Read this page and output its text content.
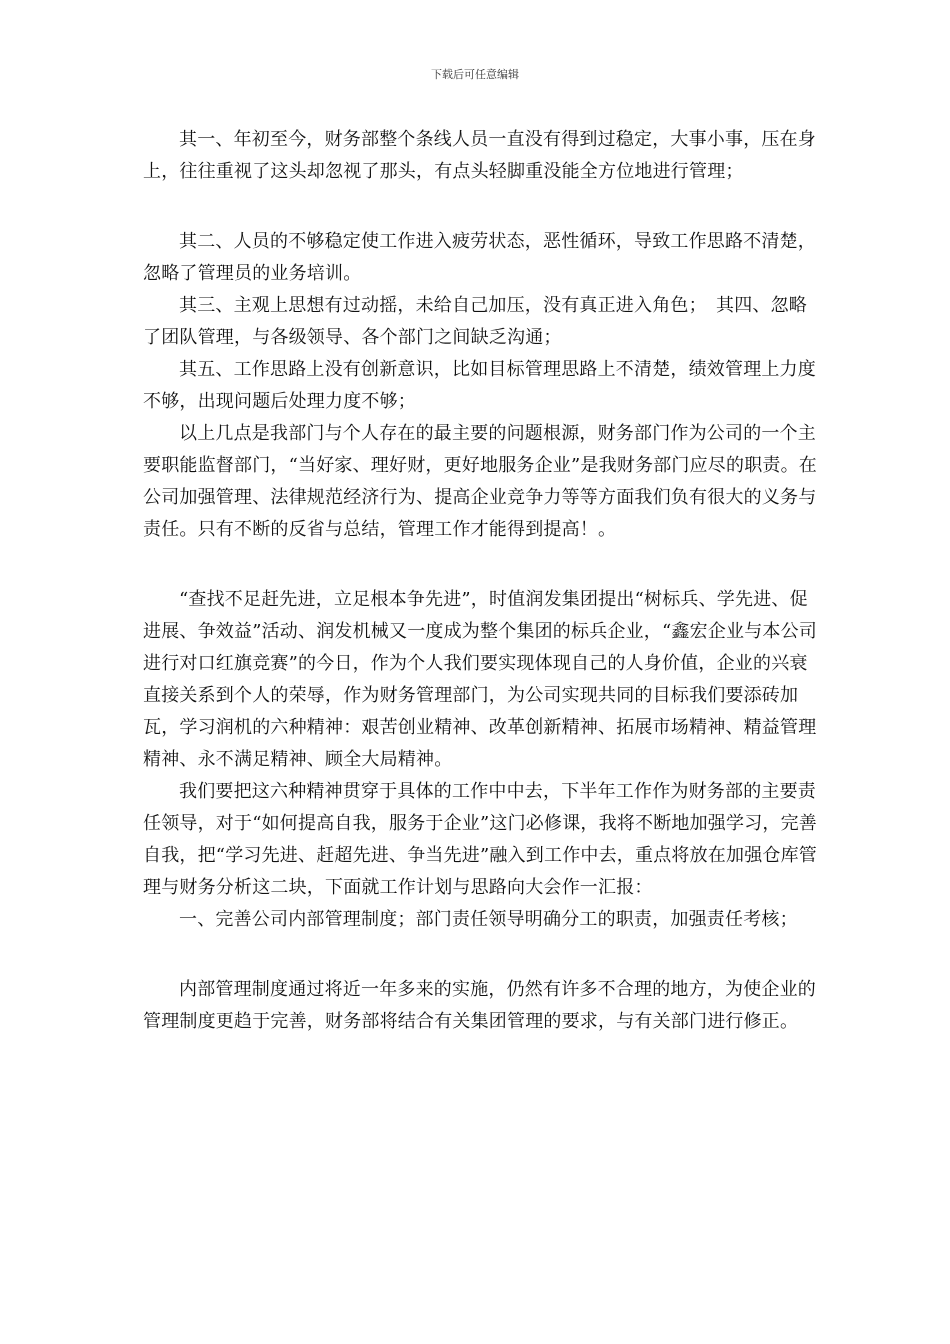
下载后可任意编辑

其一、年初至今，财务部整个条线人员一直没有得到过稳定，大事小事，压在身上，往往重视了这头却忽视了那头，有点头轻脚重没能全方位地进行管理；

其二、人员的不够稳定使工作进入疲劳状态，恶性循环，导致工作思路不清楚，忽略了管理员的业务培训。

其三、主观上思想有过动摇，未给自己加压，没有真正进入角色；　其四、忽略了团队管理，与各级领导、各个部门之间缺乏沟通；

其五、工作思路上没有创新意识，比如目标管理思路上不清楚，绩效管理上力度不够，出现问题后处理力度不够；

以上几点是我部门与个人存在的最主要的问题根源，财务部门作为公司的一个主要职能监督部门，“当好家、理好财，更好地服务企业”是我财务部门应尽的职责。在公司加强管理、法律规范经济行为、提高企业竞争力等等方面我们负有很大的义务与责任。只有不断的反省与总结，管理工作才能得到提高！。

“查找不足赶先进，立足根本争先进”，时值润发集团提出“树标兵、学先进、促进展、争效益”活动、润发机械又一度成为整个集团的标兵企业，“鑫宏企业与本公司进行对口红旗竞赛”的今日，作为个人我们要实现体现自己的人身价值，企业的兴衰直接关系到个人的荣辱，作为财务管理部门，为公司实现共同的目标我们要添砖加瓦，学习润机的六种精神：艰苦创业精神、改革创新精神、拓展市场精神、精益管理精神、永不满足精神、顾全大局精神。

我们要把这六种精神贯穿于具体的工作中中去，下半年工作作为财务部的主要责任领导，对于“如何提高自我，服务于企业”这门必修课，我将不断地加强学习，完善自我，把“学习先进、赶超先进、争当先进”融入到工作中去，重点将放在加强仓库管理与财务分析这二块，下面就工作计划与思路向大会作一汇报：

一、完善公司内部管理制度；部门责任领导明确分工的职责，加强责任考核；

内部管理制度通过将近一年多来的实施，仍然有许多不合理的地方，为使企业的管理制度更趋于完善，财务部将结合有关集团管理的要求，与有关部门进行修正。
